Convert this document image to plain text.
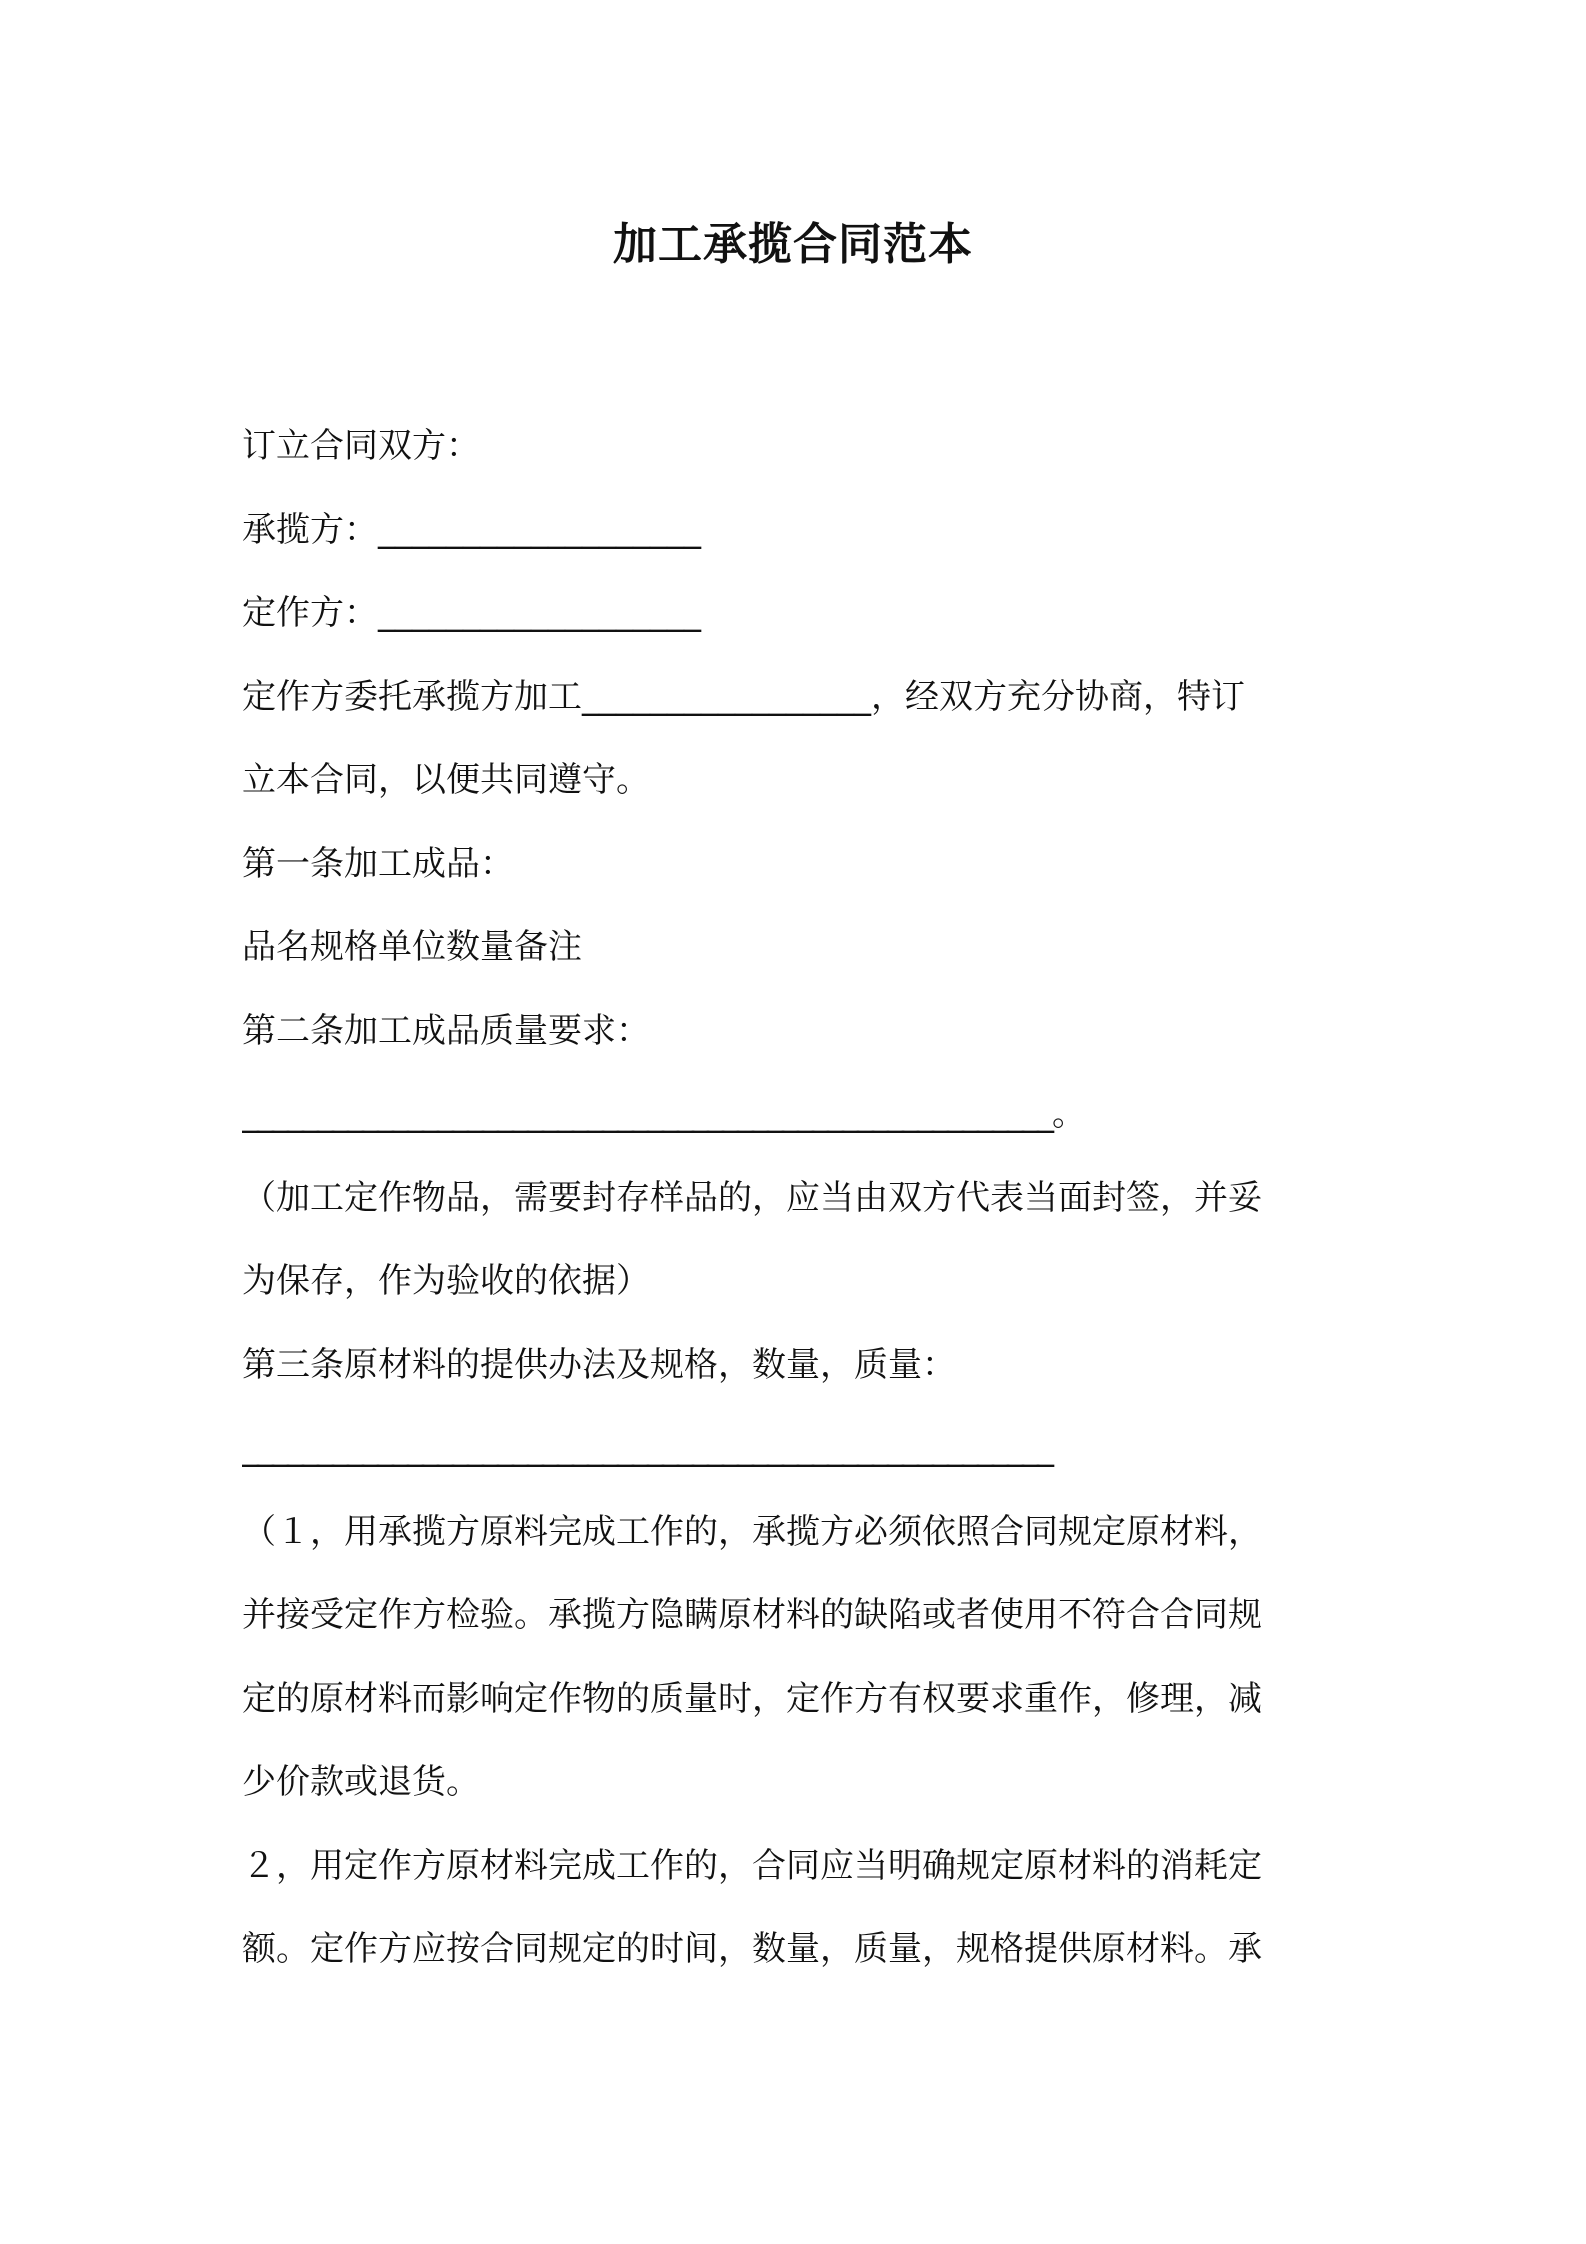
加工承揽合同范本
订立合同双方：
承揽方：___________________
定作方：___________________
定作方委托承揽方加工_________________，经双方充分协商，特订
立本合同，以便共同遵守。
第一条加工成品：
品名规格单位数量备注
第二条加工成品质量要求：
______________________________________________________。
（加工定作物品，需要封存样品的，应当由双方代表当面封签，并妥
为保存，作为验收的依据）
第三条原材料的提供办法及规格，数量，质量：
______________________________________________________
（１，用承揽方原料完成工作的，承揽方必须依照合同规定原材料，
并接受定作方检验。承揽方隐瞒原材料的缺陷或者使用不符合合同规
定的原材料而影响定作物的质量时，定作方有权要求重作，修理，减
少价款或退货。
２，用定作方原材料完成工作的，合同应当明确规定原材料的消耗定
额。定作方应按合同规定的时间，数量，质量，规格提供原材料。承
